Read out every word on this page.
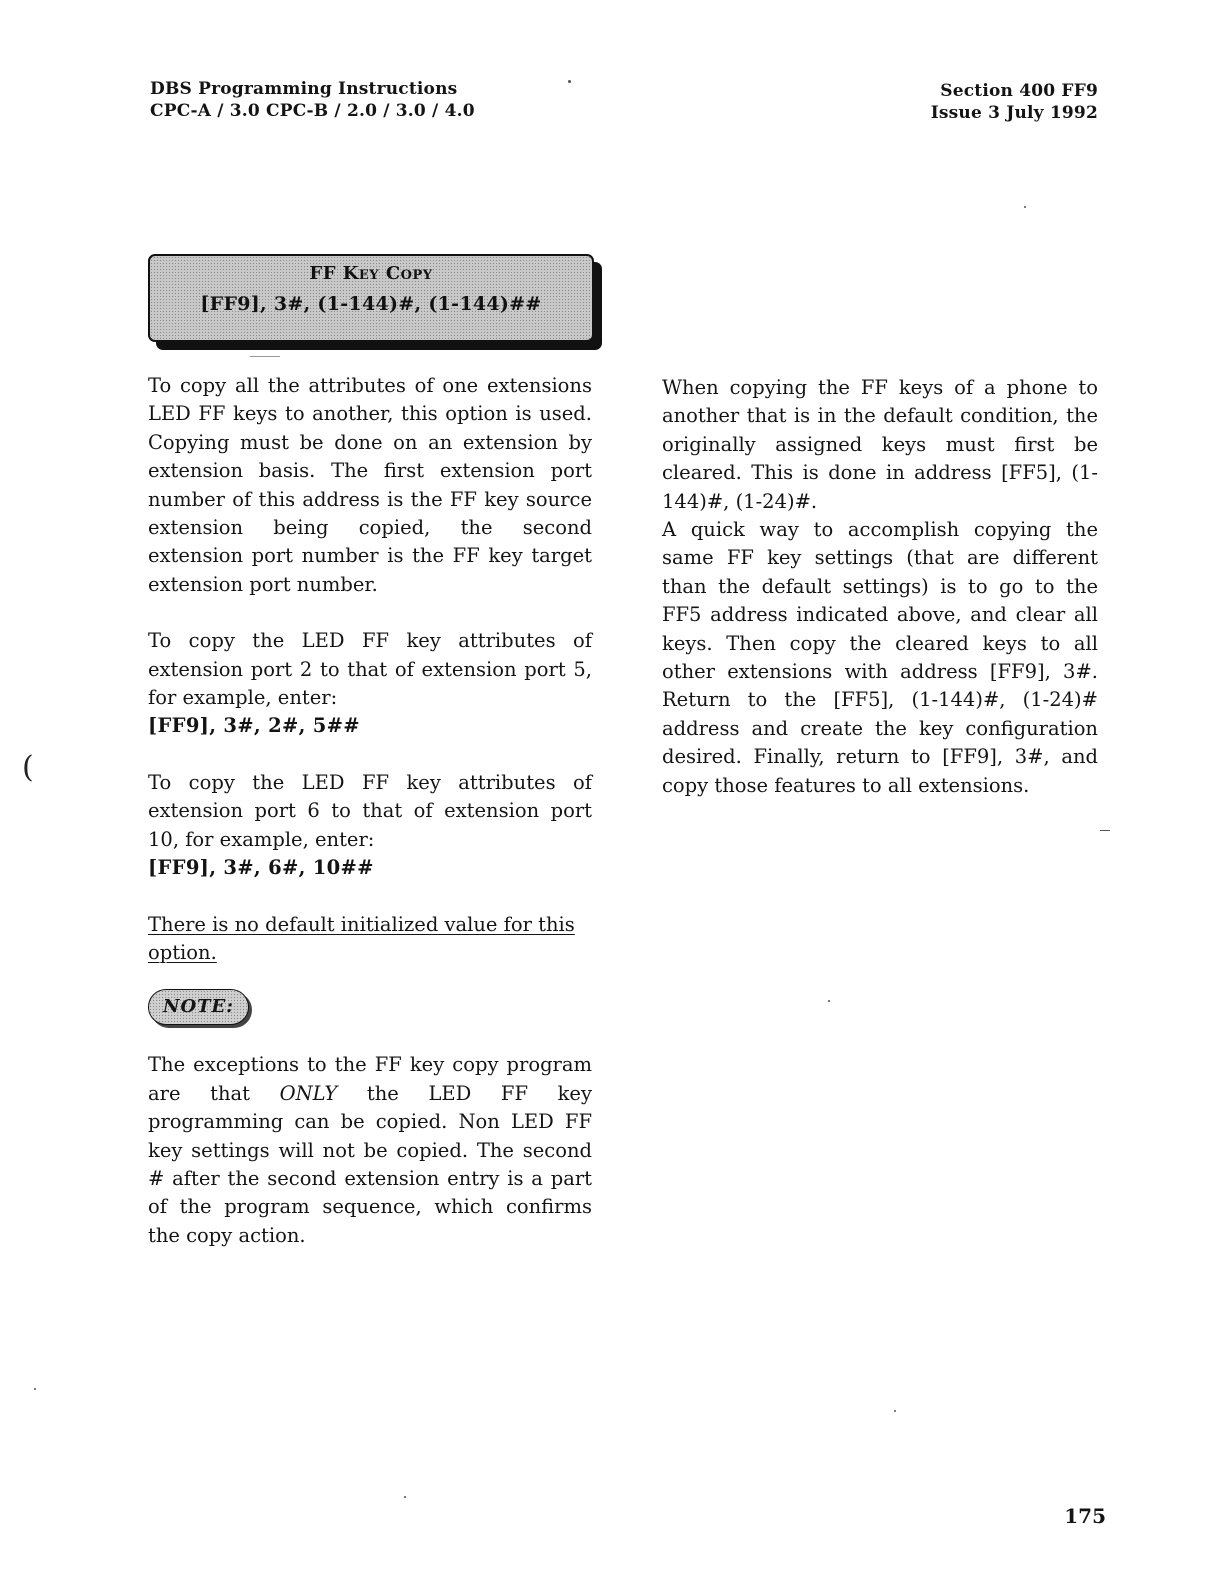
DBS Programming Instructions
CPC-A / 3.0 CPC-B / 2.0 / 3.0 / 4.0
Section 400 FF9
Issue 3 July 1992
FF Key Copy
[FF9], 3#, (1-144)#, (1-144)##

To copy all the attributes of one extensions LED FF keys to another, this option is used. Copying must be done on an extension by extension basis. The first extension port number of this address is the FF key source extension being copied, the second extension port number is the FF key target extension port number.

To copy the LED FF key attributes of extension port 2 to that of extension port 5, for example, enter:

[FF9], 3#, 2#, 5##

To copy the LED FF key attributes of extension port 6 to that of extension port 10, for example, enter:

[FF9], 3#, 6#, 10##

There is no default initialized value for this option.

NOTE:

The exceptions to the FF key copy program are that ONLY the LED FF key programming can be copied. Non LED FF key settings will not be copied. The second # after the second extension entry is a part of the program sequence, which confirms the copy action.

When copying the FF keys of a phone to another that is in the default condition, the originally assigned keys must first be cleared. This is done in address [FF5], (1-144)#, (1-24)#.

A quick way to accomplish copying the same FF key settings (that are different than the default settings) is to go to the FF5 address indicated above, and clear all keys. Then copy the cleared keys to all other extensions with address [FF9], 3#. Return to the [FF5], (1-144)#, (1-24)# address and create the key configuration desired. Finally, return to [FF9], 3#, and copy those features to all extensions.

175
(
